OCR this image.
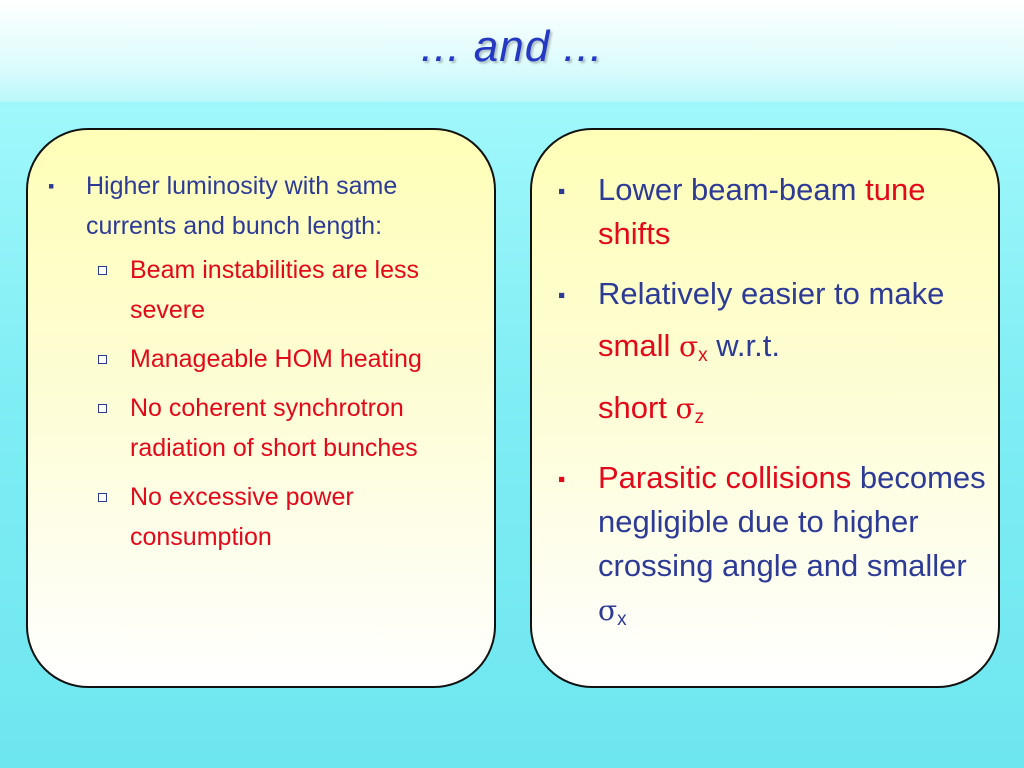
... and ...
▪ Higher luminosity with same currents and bunch length:
Beam instabilities are less severe
Manageable HOM heating
No coherent synchrotron radiation of short bunches
No excessive power consumption
▪ Lower beam-beam tune shifts
▪ Relatively easier to make small $\sigma_x$ w.r.t.
short $\sigma_z$
▪ Parasitic collisions becomes negligible due to higher crossing angle and smaller $\sigma_x$
